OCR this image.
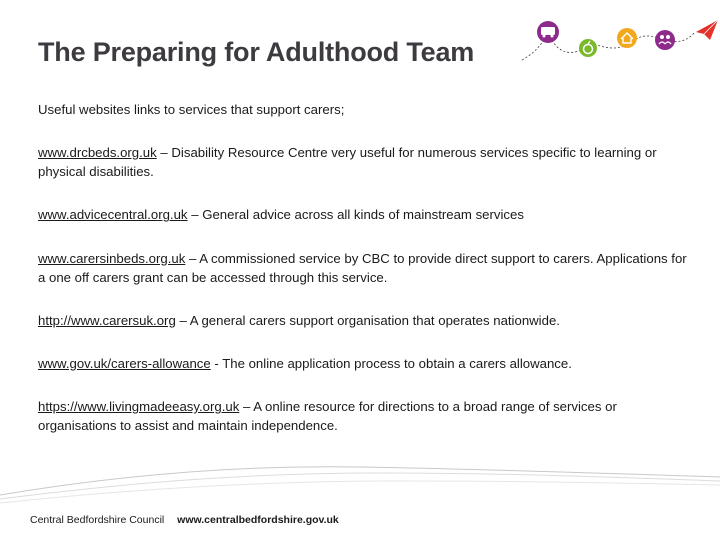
The Preparing for Adulthood Team

Useful websites links to services that support carers;

www.drcbeds.org.uk – Disability Resource Centre very useful for numerous services specific to learning or physical disabilities.

www.advicecentral.org.uk – General advice across all kinds of mainstream services

www.carersinbeds.org.uk – A commissioned service by CBC to provide direct support to carers. Applications for a one off carers grant can be accessed through this service.

http://www.carersuk.org – A general carers support organisation that operates nationwide.

www.gov.uk/carers-allowance - The online application process to obtain a carers allowance.

https://www.livingmadeeasy.org.uk – A online resource for directions to a broad range of services or organisations to assist and maintain independence.

Central Bedfordshire Council www.centralbedfordshire.gov.uk
